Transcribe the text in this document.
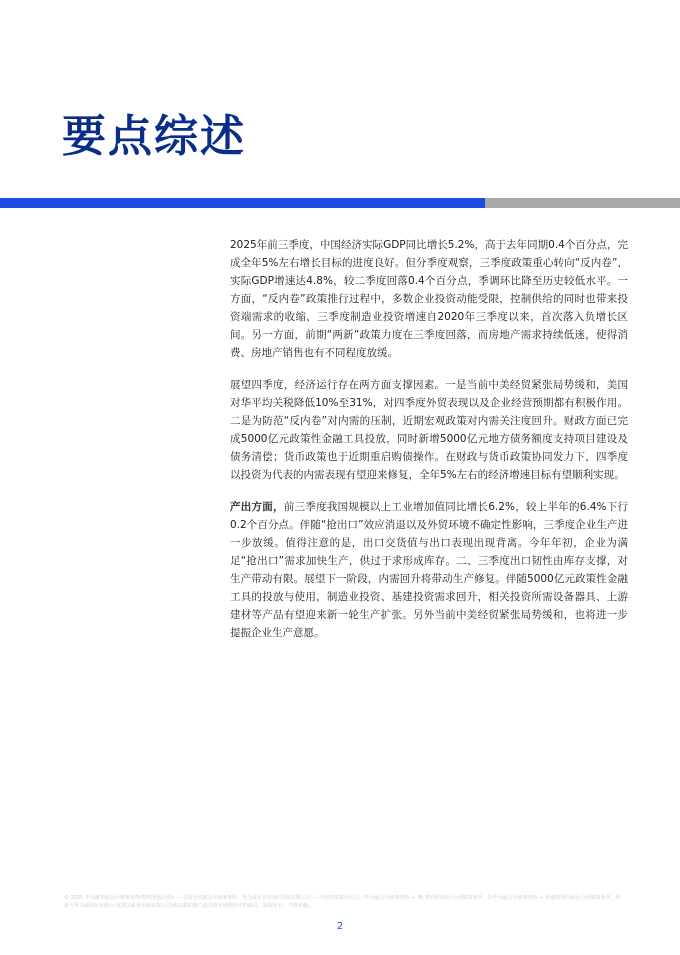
要点综述

2025年前三季度，中国经济实际GDP同比增长5.2%，高于去年同期0.4个百分点，完成全年5%左右增长目标的进度良好。但分季度观察，三季度政策重心转向“反内卷”，实际GDP增速达4.8%，较二季度回落0.4个百分点，季调环比降至历史较低水平。一方面，“反内卷”政策推行过程中，多数企业投资动能受限，控制供给的同时也带来投资端需求的收缩，三季度制造业投资增速自2020年三季度以来，首次落入负增长区间。另一方面，前期“两新”政策力度在三季度回落，而房地产需求持续低迷，使得消费、房地产销售也有不同程度放缓。

展望四季度，经济运行存在两方面支撑因素。一是当前中美经贸紧张局势缓和，美国对华平均关税降低10%至31%，对四季度外贸表现以及企业经营预期都有积极作用。二是为防范“反内卷”对内需的压制，近期宏观政策对内需关注度回升。财政方面已完成5000亿元政策性金融工具投放，同时新增5000亿元地方债务额度支持项目建设及债务清偿；货币政策也于近期重启购债操作。在财政与货币政策协同发力下，四季度以投资为代表的内需表现有望迎来修复，全年5%左右的经济增速目标有望顺利实现。

产出方面，前三季度我国规模以上工业增加值同比增长6.2%，较上半年的6.4%下行0.2个百分点。伴随“抢出口”效应消退以及外贸环境不确定性影响，三季度企业生产进一步放缓。值得注意的是，出口交货值与出口表现出现背离。今年年初，企业为满足“抢出口”需求加快生产，供过于求形成库存。二、三季度出口韧性由库存支撑，对生产带动有限。展望下一阶段，内需回升将带动生产修复。伴随5000亿元政策性金融工具的投放与使用，制造业投资、基建投资需求回升，相关投资所需设备器具、上游建材等产品有望迎来新一轮生产扩张。另外当前中美经贸紧张局势缓和，也将进一步提振企业生产意愿。

© 2025 毕马威华振会计师事务所(特殊普通合伙) — 中国合伙制会计师事务所，毕马威企业咨询(中国)有限公司 — 中国有限责任公司，毕马威会计师事务所 — 澳门特别行政区合伙制事务所，及毕马威会计师事务所 — 香港特别行政区合伙制事务所，均是与毕马威国际有限公司(英国私营担保有限公司)相关联的独立成员所全球组织中的成员。版权所有，不得转载。
2
